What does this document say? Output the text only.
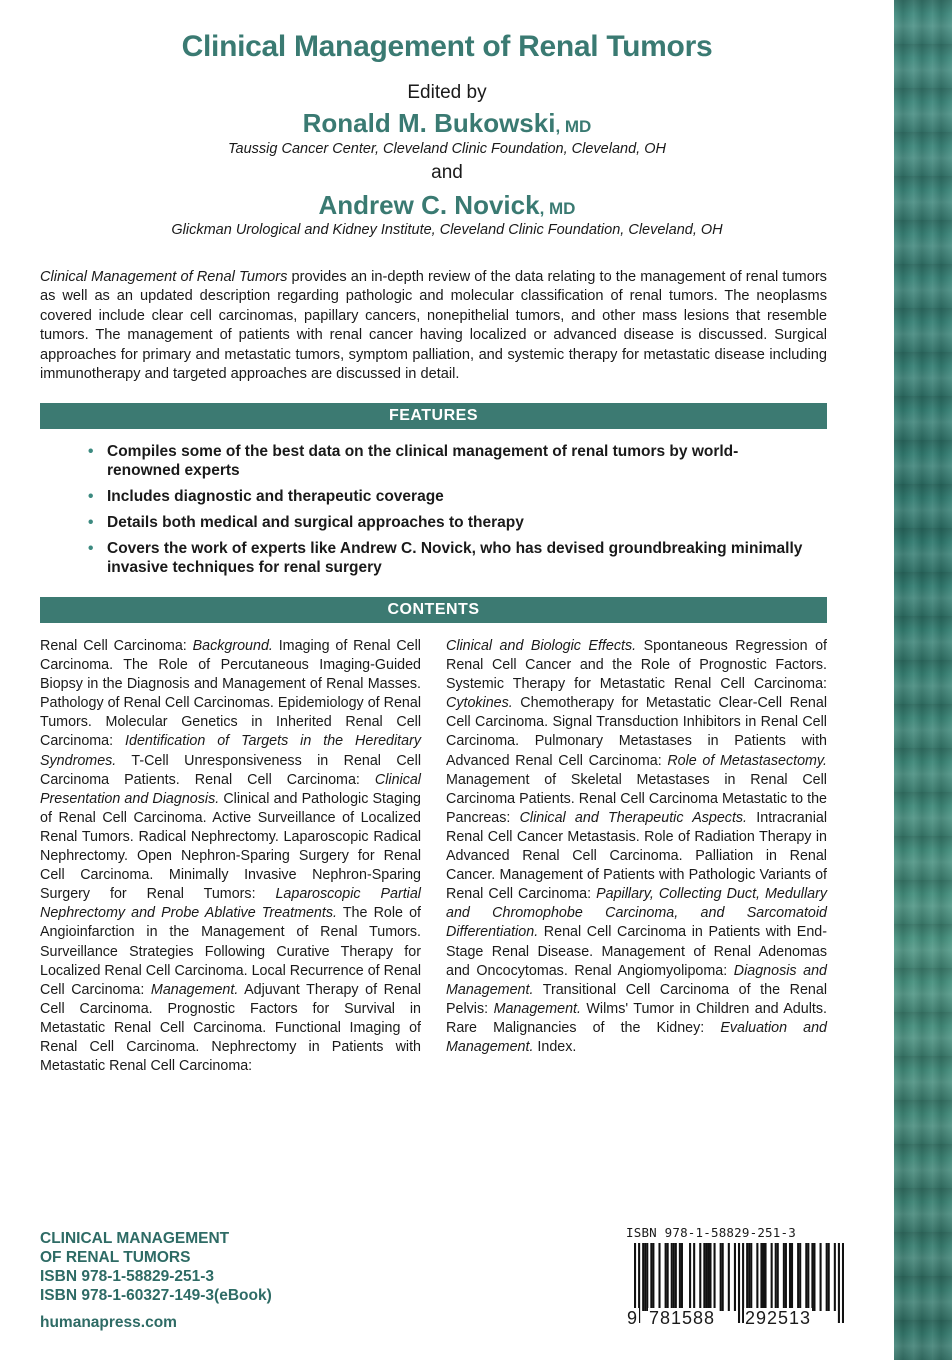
Clinical Management of Renal Tumors
Edited by
Ronald M. Bukowski, MD
Taussig Cancer Center, Cleveland Clinic Foundation, Cleveland, OH
and
Andrew C. Novick, MD
Glickman Urological and Kidney Institute, Cleveland Clinic Foundation, Cleveland, OH
Clinical Management of Renal Tumors provides an in-depth review of the data relating to the management of renal tumors as well as an updated description regarding pathologic and molecular classification of renal tumors. The neoplasms covered include clear cell carcinomas, papillary cancers, nonepithelial tumors, and other mass lesions that resemble tumors. The management of patients with renal cancer having localized or advanced disease is discussed. Surgical approaches for primary and metastatic tumors, symptom palliation, and systemic therapy for metastatic disease including immunotherapy and targeted approaches are discussed in detail.
FEATURES
• Compiles some of the best data on the clinical management of renal tumors by world-renowned experts
• Includes diagnostic and therapeutic coverage
• Details both medical and surgical approaches to therapy
• Covers the work of experts like Andrew C. Novick, who has devised groundbreaking minimally invasive techniques for renal surgery
CONTENTS
Renal Cell Carcinoma: Background. Imaging of Renal Cell Carcinoma. The Role of Percutaneous Imaging-Guided Biopsy in the Diagnosis and Management of Renal Masses. Pathology of Renal Cell Carcinomas. Epidemiology of Renal Tumors. Molecular Genetics in Inherited Renal Cell Carcinoma: Identification of Targets in the Hereditary Syndromes. T-Cell Unresponsiveness in Renal Cell Carcinoma Patients. Renal Cell Carcinoma: Clinical Presentation and Diagnosis. Clinical and Pathologic Staging of Renal Cell Carcinoma. Active Surveillance of Localized Renal Tumors. Radical Nephrectomy. Laparoscopic Radical Nephrectomy. Open Nephron-Sparing Surgery for Renal Cell Carcinoma. Minimally Invasive Nephron-Sparing Surgery for Renal Tumors: Laparoscopic Partial Nephrectomy and Probe Ablative Treatments. The Role of Angioinfarction in the Management of Renal Tumors. Surveillance Strategies Following Curative Therapy for Localized Renal Cell Carcinoma. Local Recurrence of Renal Cell Carcinoma: Management. Adjuvant Therapy of Renal Cell Carcinoma. Prognostic Factors for Survival in Metastatic Renal Cell Carcinoma. Functional Imaging of Renal Cell Carcinoma. Nephrectomy in Patients with Metastatic Renal Cell Carcinoma:
Clinical and Biologic Effects. Spontaneous Regression of Renal Cell Cancer and the Role of Prognostic Factors. Systemic Therapy for Metastatic Renal Cell Carcinoma: Cytokines. Chemotherapy for Metastatic Clear-Cell Renal Cell Carcinoma. Signal Transduction Inhibitors in Renal Cell Carcinoma. Pulmonary Metastases in Patients with Advanced Renal Cell Carcinoma: Role of Metastasectomy. Management of Skeletal Metastases in Renal Cell Carcinoma Patients. Renal Cell Carcinoma Metastatic to the Pancreas: Clinical and Therapeutic Aspects. Intracranial Renal Cell Cancer Metastasis. Role of Radiation Therapy in Advanced Renal Cell Carcinoma. Palliation in Renal Cancer. Management of Patients with Pathologic Variants of Renal Cell Carcinoma: Papillary, Collecting Duct, Medullary and Chromophobe Carcinoma, and Sarcomatoid Differentiation. Renal Cell Carcinoma in Patients with End-Stage Renal Disease. Management of Renal Adenomas and Oncocytomas. Renal Angiomyolipoma: Diagnosis and Management. Transitional Cell Carcinoma of the Renal Pelvis: Management. Wilms' Tumor in Children and Adults. Rare Malignancies of the Kidney: Evaluation and Management. Index.
CLINICAL MANAGEMENT
OF RENAL TUMORS
ISBN 978-1-58829-251-3
ISBN 978-1-60327-149-3(eBook)
humanapress.com
ISBN 978-1-58829-251-3
9 781588 292513
